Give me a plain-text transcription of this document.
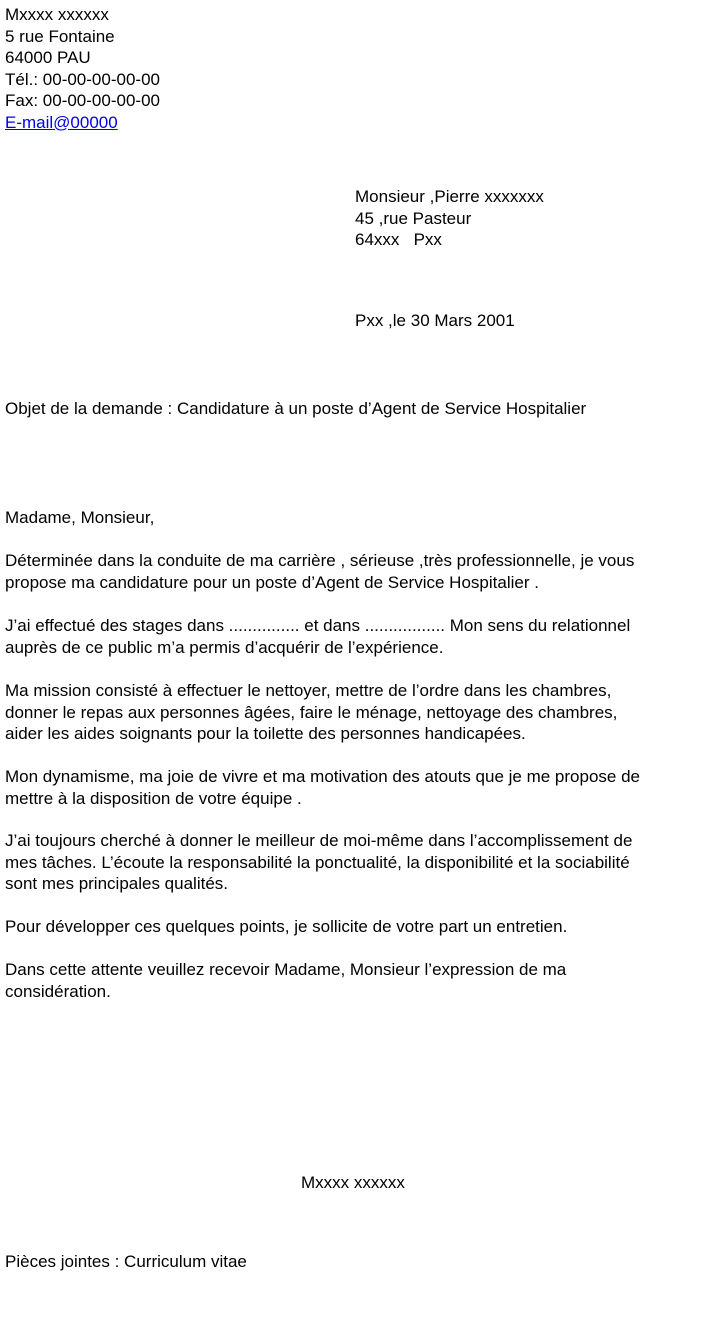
Mxxxx xxxxxx
5 rue Fontaine
64000 PAU
Tél.: 00-00-00-00-00
Fax: 00-00-00-00-00
E-mail@00000
Monsieur ,Pierre xxxxxxx
45 ,rue Pasteur
64xxx   Pxx
Pxx ,le 30 Mars 2001
Objet de la demande : Candidature à un poste d’Agent de Service Hospitalier
Madame, Monsieur,

Déterminée dans la conduite de ma carrière , sérieuse ,très professionnelle, je vous

propose ma candidature pour un poste d’Agent de Service Hospitalier .

J’ai effectué des stages dans ............... et dans ................. Mon sens du relationnel

auprès de ce public m’a permis d’acquérir de l’expérience.

Ma mission consisté à effectuer le nettoyer, mettre de l’ordre dans les chambres,

donner le repas aux personnes âgées, faire le ménage, nettoyage des chambres,

aider les aides soignants pour la toilette des personnes handicapées.

Mon dynamisme, ma joie de vivre et ma motivation des atouts que je me propose de

mettre à la disposition de votre équipe .

J’ai toujours cherché à donner le meilleur de moi-même dans l’accomplissement de

mes tâches. L’écoute la responsabilité la ponctualité, la disponibilité et la sociabilité

sont mes principales qualités.

Pour développer ces quelques points, je sollicite de votre part un entretien.

Dans cette attente veuillez recevoir Madame, Monsieur l’expression de ma

considération.

Mxxxx xxxxxx
Pièces jointes : Curriculum vitae
